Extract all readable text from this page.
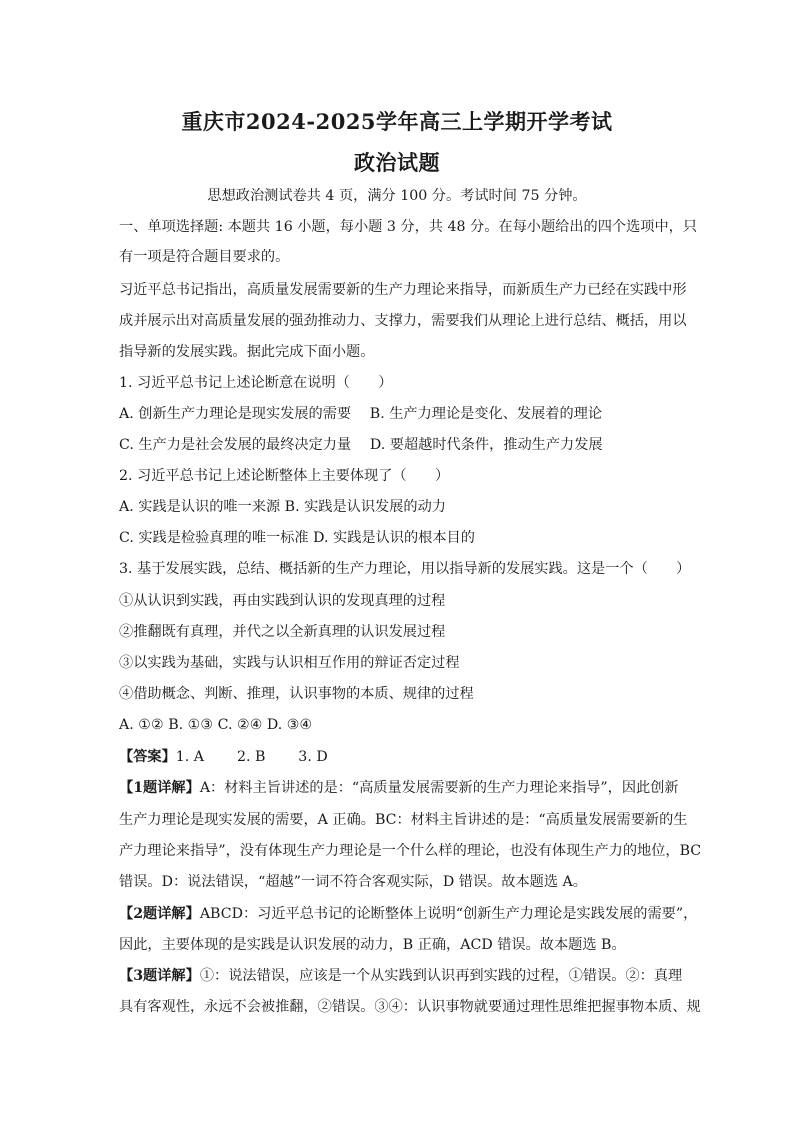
重庆市2024-2025学年高三上学期开学考试
政治试题
思想政治测试卷共 4 页，满分 100 分。考试时间 75 分钟。
一、单项选择题: 本题共 16 小题，每小题 3 分，共 48 分。在每小题给出的四个选项中，只
有一项是符合题目要求的。
习近平总书记指出，高质量发展需要新的生产力理论来指导，而新质生产力已经在实践中形
成并展示出对高质量发展的强劲推动力、支撑力，需要我们从理论上进行总结、概括，用以
指导新的发展实践。据此完成下面小题。
1. 习近平总书记上述论断意在说明（　　）
A. 创新生产力理论是现实发展的需要　 B. 生产力理论是变化、发展着的理论
C. 生产力是社会发展的最终决定力量　 D. 要超越时代条件，推动生产力发展
2. 习近平总书记上述论断整体上主要体现了（　　）
A. 实践是认识的唯一来源 B. 实践是认识发展的动力
C. 实践是检验真理的唯一标准 D. 实践是认识的根本目的
3. 基于发展实践，总结、概括新的生产力理论，用以指导新的发展实践。这是一个（　　）
①从认识到实践，再由实践到认识的发现真理的过程
②推翻既有真理，并代之以全新真理的认识发展过程
③以实践为基础，实践与认识相互作用的辩证否定过程
④借助概念、判断、推理，认识事物的本质、规律的过程
A. ①② B. ①③ C. ②④ D. ③④
【答案】1. A　　 2. B　　 3. D
【1题详解】A：材料主旨讲述的是：“高质量发展需要新的生产力理论来指导”，因此创新
生产力理论是现实发展的需要，A 正确。BC：材料主旨讲述的是：“高质量发展需要新的生
产力理论来指导”，没有体现生产力理论是一个什么样的理论，也没有体现生产力的地位，BC
错误。D：说法错误，“超越”一词不符合客观实际，D 错误。故本题选 A。
【2题详解】ABCD：习近平总书记的论断整体上说明“创新生产力理论是实践发展的需要”，
因此，主要体现的是实践是认识发展的动力，B 正确，ACD 错误。故本题选 B。
【3题详解】①：说法错误，应该是一个从实践到认识再到实践的过程，①错误。②：真理
具有客观性，永远不会被推翻，②错误。③④：认识事物就要通过理性思维把握事物本质、规
